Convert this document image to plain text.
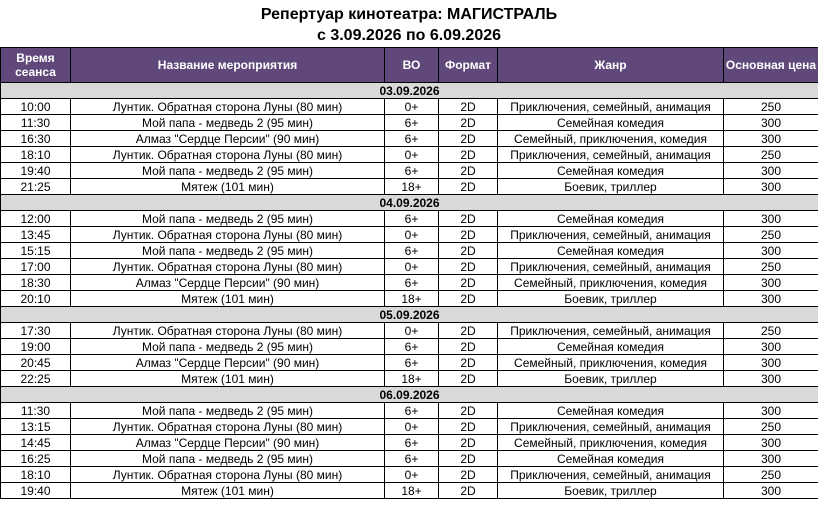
Репертуар кинотеатра: МАГИСТРАЛЬ
с 3.09.2026 по 6.09.2026
Время сеанса	Название мероприятия	ВО	Формат	Жанр	Основная цена
03.09.2026					
10:00	Лунтик. Обратная сторона Луны (80 мин)	0+	2D	Приключения, семейный, анимация	250
11:30	Мой папа - медведь 2 (95 мин)	6+	2D	Семейная комедия	300
16:30	Алмаз "Сердце Персии" (90 мин)	6+	2D	Семейный, приключения, комедия	300
18:10	Лунтик. Обратная сторона Луны (80 мин)	0+	2D	Приключения, семейный, анимация	250
19:40	Мой папа - медведь 2 (95 мин)	6+	2D	Семейная комедия	300
21:25	Мятеж (101 мин)	18+	2D	Боевик, триллер	300
04.09.2026					
12:00	Мой папа - медведь 2 (95 мин)	6+	2D	Семейная комедия	300
13:45	Лунтик. Обратная сторона Луны (80 мин)	0+	2D	Приключения, семейный, анимация	250
15:15	Мой папа - медведь 2 (95 мин)	6+	2D	Семейная комедия	300
17:00	Лунтик. Обратная сторона Луны (80 мин)	0+	2D	Приключения, семейный, анимация	250
18:30	Алмаз "Сердце Персии" (90 мин)	6+	2D	Семейный, приключения, комедия	300
20:10	Мятеж (101 мин)	18+	2D	Боевик, триллер	300
05.09.2026					
17:30	Лунтик. Обратная сторона Луны (80 мин)	0+	2D	Приключения, семейный, анимация	250
19:00	Мой папа - медведь 2 (95 мин)	6+	2D	Семейная комедия	300
20:45	Алмаз "Сердце Персии" (90 мин)	6+	2D	Семейный, приключения, комедия	300
22:25	Мятеж (101 мин)	18+	2D	Боевик, триллер	300
06.09.2026					
11:30	Мой папа - медведь 2 (95 мин)	6+	2D	Семейная комедия	300
13:15	Лунтик. Обратная сторона Луны (80 мин)	0+	2D	Приключения, семейный, анимация	250
14:45	Алмаз "Сердце Персии" (90 мин)	6+	2D	Семейный, приключения, комедия	300
16:25	Мой папа - медведь 2 (95 мин)	6+	2D	Семейная комедия	300
18:10	Лунтик. Обратная сторона Луны (80 мин)	0+	2D	Приключения, семейный, анимация	250
19:40	Мятеж (101 мин)	18+	2D	Боевик, триллер	300
